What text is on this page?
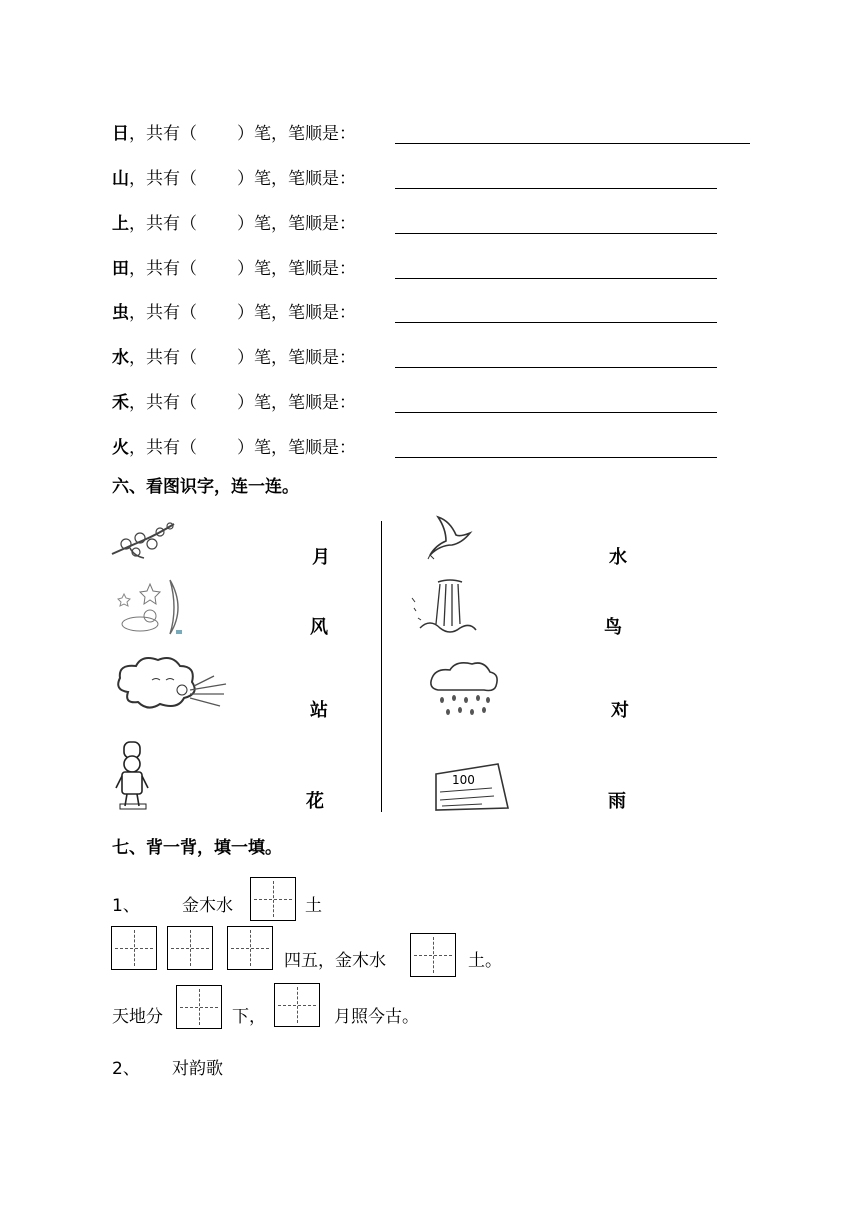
日，共有（ ）笔，笔顺是：
山，共有（ ）笔，笔顺是：
上，共有（ ）笔，笔顺是：
田，共有（ ）笔，笔顺是：
虫，共有（ ）笔，笔顺是：
水，共有（ ）笔，笔顺是：
禾，共有（ ）笔，笔顺是：
火，共有（ ）笔，笔顺是：
六、看图识字，连一连。
100
月
风
站
花
水
鸟
对
雨
七、背一背，填一填。
1、 金木水	土
四五，金木水	土。
天地分	下，	月照今古。
2、 对韵歌
